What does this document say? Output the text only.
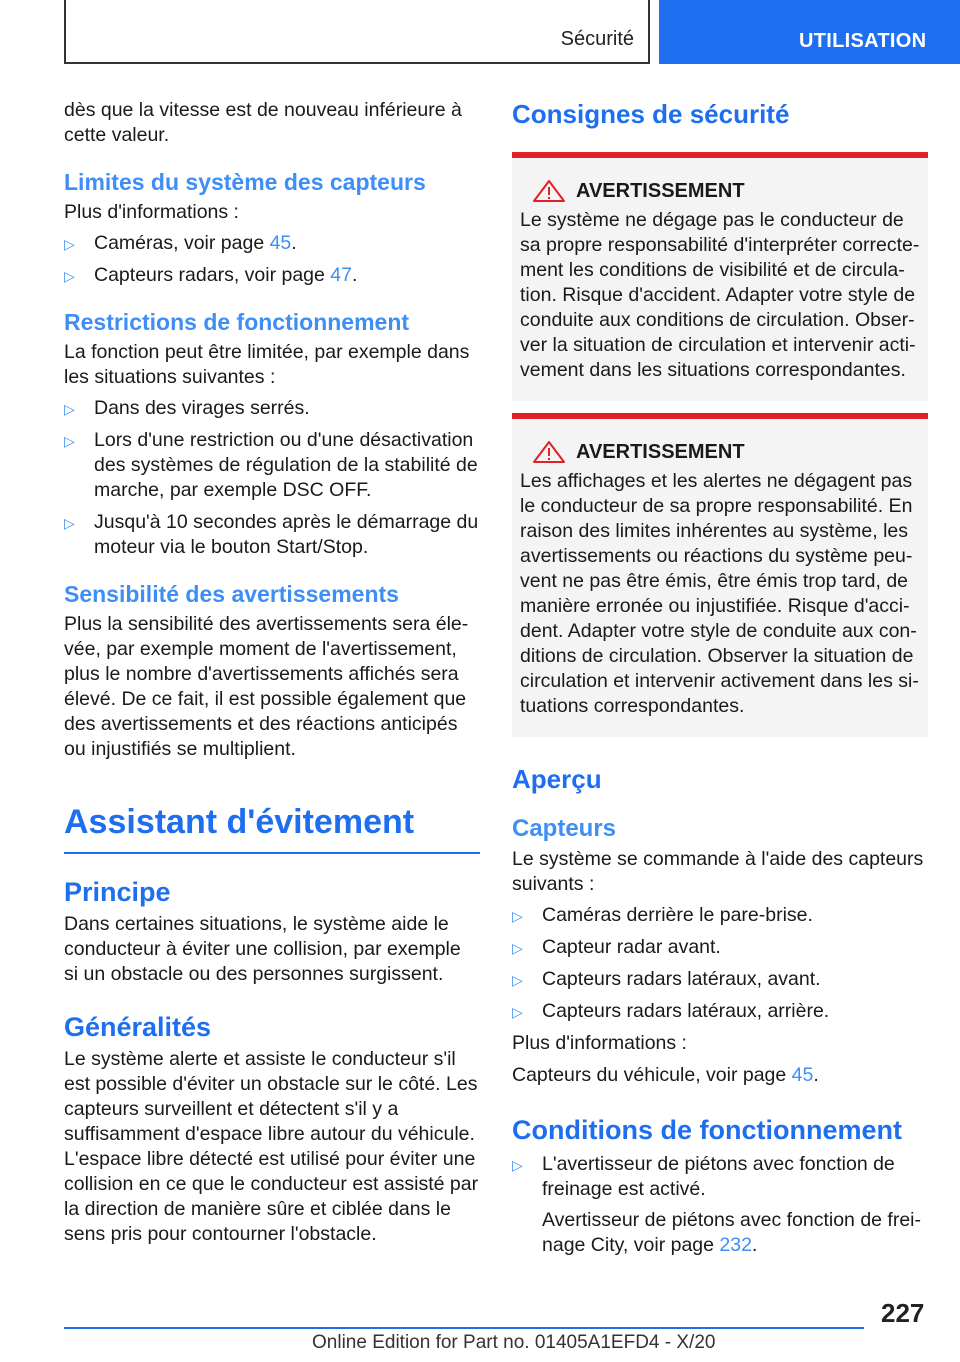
Sécurité	UTILISATION

dès que la vitesse est de nouveau inférieure à cette valeur.

Limites du système des capteurs

Plus d'informations :

▷ Caméras, voir page 45.
▷ Capteurs radars, voir page 47.
Restrictions de fonctionnement

La fonction peut être limitée, par exemple dans les situations suivantes :

▷ Dans des virages serrés.
▷ Lors d'une restriction ou d'une désactivation des systèmes de régulation de la stabilité de marche, par exemple DSC OFF.
▷ Jusqu'à 10 secondes après le démarrage du moteur via le bouton Start/Stop.
Sensibilité des avertissements

Plus la sensibilité des avertissements sera élevée, par exemple moment de l'avertissement, plus le nombre d'avertissements affichés sera élevé. De ce fait, il est possible également que des avertissements et des réactions anticipés ou injustifiés se multiplient.

Assistant d'évitement
Principe

Dans certaines situations, le système aide le conducteur à éviter une collision, par exemple si un obstacle ou des personnes surgissent.

Généralités

Le système alerte et assiste le conducteur s'il est possible d'éviter un obstacle sur le côté. Les capteurs surveillent et détectent s'il y a suffisamment d'espace libre autour du véhicule. L'espace libre détecté est utilisé pour éviter une collision en ce que le conducteur est assisté par la direction de manière sûre et ciblée dans le sens pris pour contourner l'obstacle.

Consignes de sécurité
AVERTISSEMENT

Le système ne dégage pas le conducteur de sa propre responsabilité d'interpréter correctement les conditions de visibilité et de circulation. Risque d'accident. Adapter votre style de conduite aux conditions de circulation. Observer la situation de circulation et intervenir activement dans les situations correspondantes.

AVERTISSEMENT

Les affichages et les alertes ne dégagent pas le conducteur de sa propre responsabilité. En raison des limites inhérentes au système, les avertissements ou réactions du système peuvent ne pas être émis, être émis trop tard, de manière erronée ou injustifiée. Risque d'accident. Adapter votre style de conduite aux conditions de circulation. Observer la situation de circulation et intervenir activement dans les situations correspondantes.

Aperçu
Capteurs

Le système se commande à l'aide des capteurs suivants :

▷ Caméras derrière le pare-brise.
▷ Capteur radar avant.
▷ Capteurs radars latéraux, avant.
▷ Capteurs radars latéraux, arrière.

Plus d'informations :

Capteurs du véhicule, voir page 45.

Conditions de fonctionnement
▷ L'avertisseur de piétons avec fonction de freinage est activé.

Avertisseur de piétons avec fonction de freinage City, voir page 232.

227
Online Edition for Part no. 01405A1EFD4 - X/20
